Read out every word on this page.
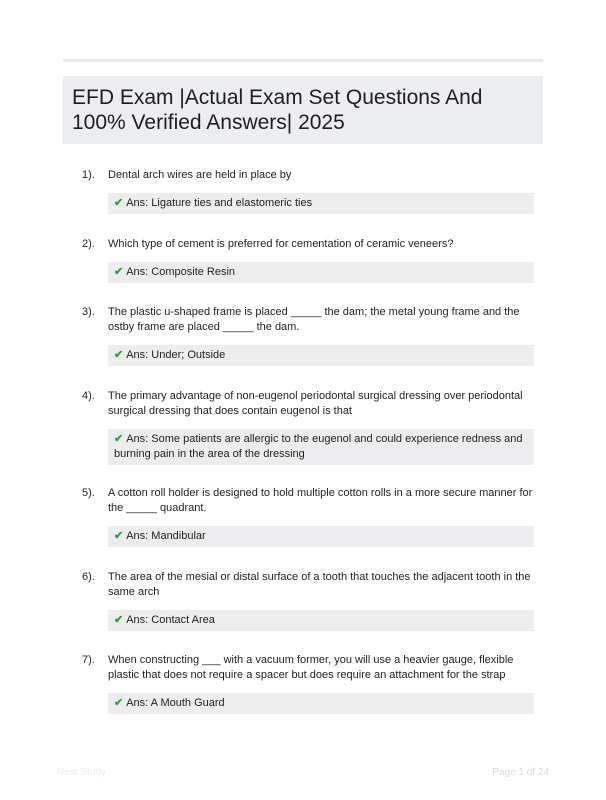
EFD Exam |Actual Exam Set Questions And 100% Verified Answers| 2025
1).	Dental arch wires are held in place by
✔ Ans: Ligature ties and elastomeric ties
2).	Which type of cement is preferred for cementation of ceramic veneers?
✔ Ans: Composite Resin
3).	The plastic u-shaped frame is placed _____ the dam; the metal young frame and the ostby frame are placed _____ the dam.
✔ Ans: Under; Outside
4).	The primary advantage of non-eugenol periodontal surgical dressing over periodontal surgical dressing that does contain eugenol is that
✔ Ans: Some patients are allergic to the eugenol and could experience redness and burning pain in the area of the dressing
5).	A cotton roll holder is designed to hold multiple cotton rolls in a more secure manner for the _____ quadrant.
✔ Ans: Mandibular
6).	The area of the mesial or distal surface of a tooth that touches the adjacent tooth in the same arch
✔ Ans: Contact Area
7).	When constructing ___ with a vacuum former, you will use a heavier gauge, flexible plastic that does not require a spacer but does require an attachment for the strap
✔ Ans: A Mouth Guard
Nest Study	Page 1 of 24
